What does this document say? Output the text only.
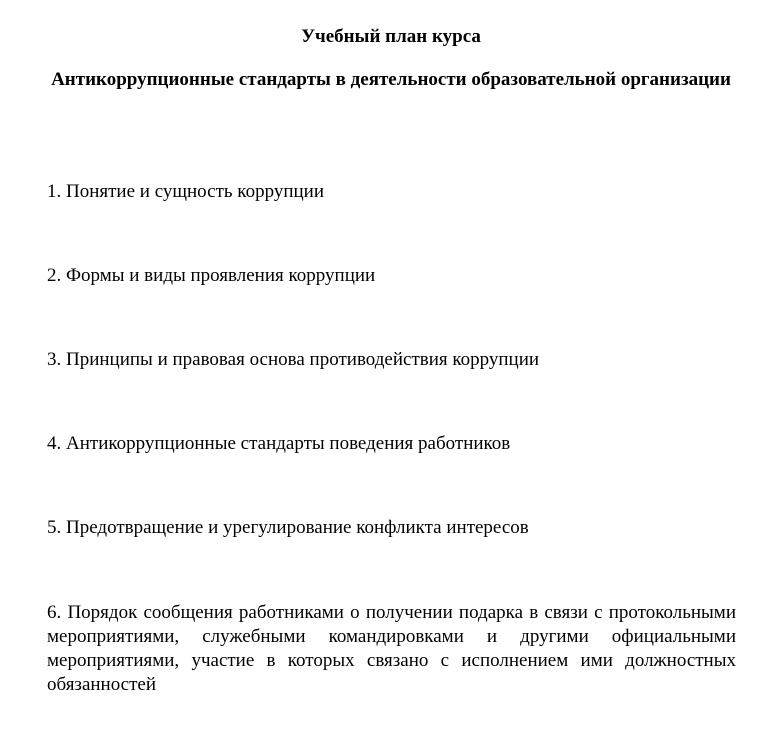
Учебный план курса
Антикоррупционные стандарты в деятельности образовательной организации

1. Понятие и сущность коррупции

2. Формы и виды проявления коррупции

3. Принципы и правовая основа противодействия коррупции

4. Антикоррупционные стандарты поведения работников

5. Предотвращение и урегулирование конфликта интересов

6. Порядок сообщения работниками о получении подарка в связи с протокольными мероприятиями, служебными командировками и другими официальными мероприятиями, участие в которых связано с исполнением ими должностных обязанностей
